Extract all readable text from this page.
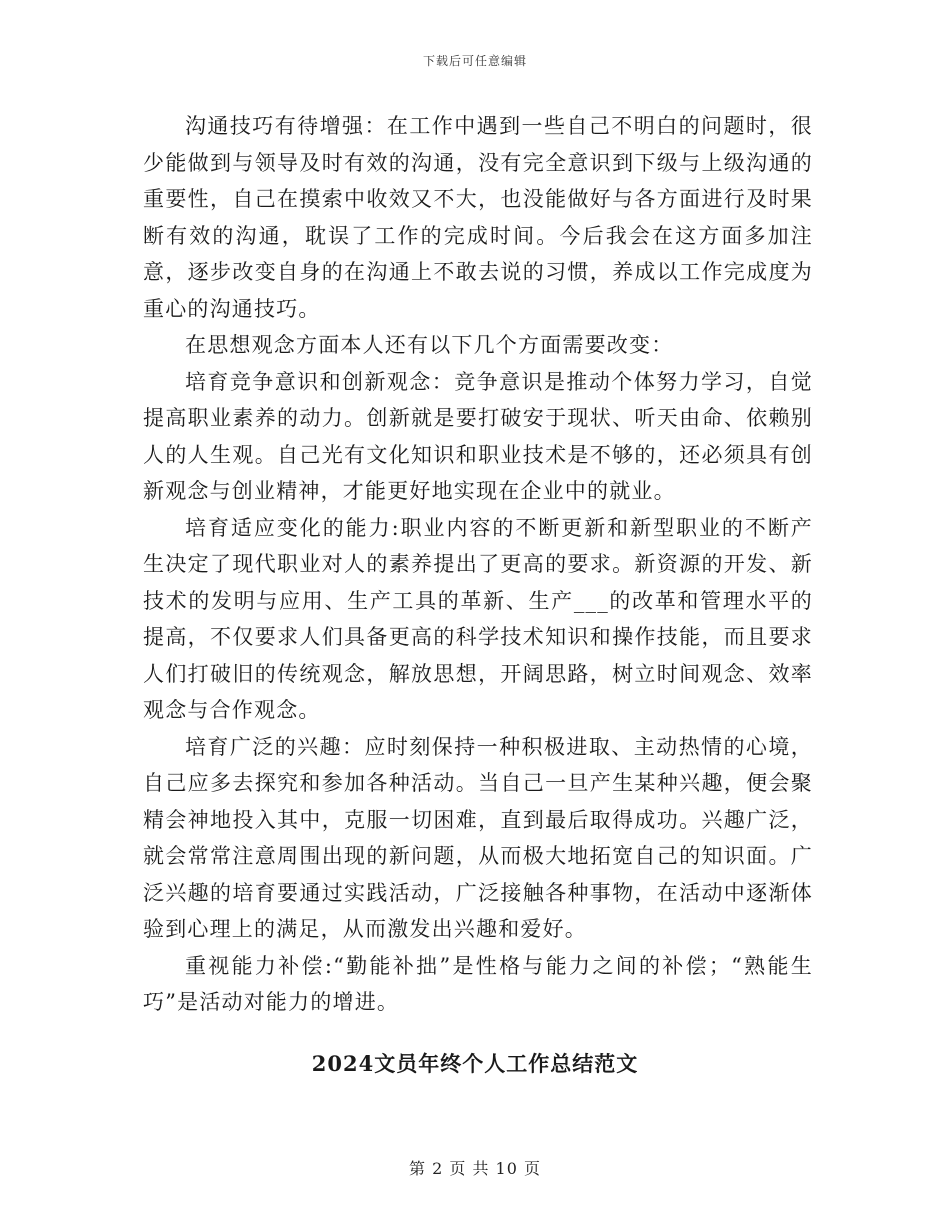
下载后可任意编辑

沟通技巧有待增强：在工作中遇到一些自己不明白的问题时，很少能做到与领导及时有效的沟通，没有完全意识到下级与上级沟通的重要性，自己在摸索中收效又不大，也没能做好与各方面进行及时果断有效的沟通，耽误了工作的完成时间。今后我会在这方面多加注意，逐步改变自身的在沟通上不敢去说的习惯，养成以工作完成度为重心的沟通技巧。

在思想观念方面本人还有以下几个方面需要改变：

培育竞争意识和创新观念：竞争意识是推动个体努力学习，自觉提高职业素养的动力。创新就是要打破安于现状、听天由命、依赖别人的人生观。自己光有文化知识和职业技术是不够的，还必须具有创新观念与创业精神，才能更好地实现在企业中的就业。

培育适应变化的能力:职业内容的不断更新和新型职业的不断产生决定了现代职业对人的素养提出了更高的要求。新资源的开发、新技术的发明与应用、生产工具的革新、生产___的改革和管理水平的提高，不仅要求人们具备更高的科学技术知识和操作技能，而且要求人们打破旧的传统观念，解放思想，开阔思路，树立时间观念、效率观念与合作观念。

培育广泛的兴趣：应时刻保持一种积极进取、主动热情的心境，自己应多去探究和参加各种活动。当自己一旦产生某种兴趣，便会聚精会神地投入其中，克服一切困难，直到最后取得成功。兴趣广泛，就会常常注意周围出现的新问题，从而极大地拓宽自己的知识面。广泛兴趣的培育要通过实践活动，广泛接触各种事物，在活动中逐渐体验到心理上的满足，从而激发出兴趣和爱好。

重视能力补偿:“勤能补拙”是性格与能力之间的补偿；“熟能生巧”是活动对能力的增进。

2024文员年终个人工作总结范文
第 2 页 共 10 页
